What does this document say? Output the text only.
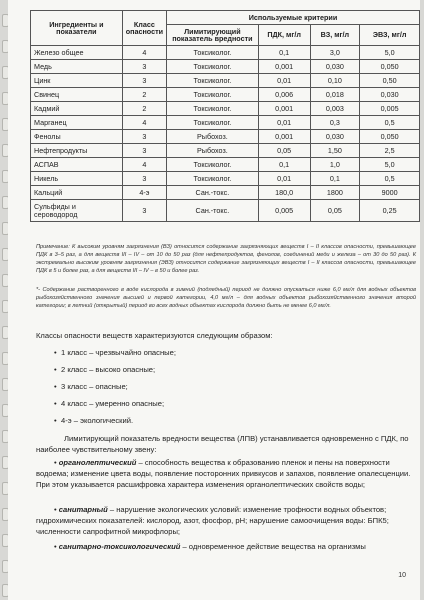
Ингредиенты и показатели	Класс опасности	Используемые критерии			
		Лимитирующий показатель вредности	ПДК, мг/л	ВЗ, мг/л	ЭВЗ, мг/л
Железо общее	4	Токсиколог.	0,1	3,0	5,0
Медь	3	Токсиколог.	0,001	0,030	0,050
Цинк	3	Токсиколог.	0,01	0,10	0,50
Свинец	2	Токсиколог.	0,006	0,018	0,030
Кадмий	2	Токсиколог.	0,001	0,003	0,005
Марганец	4	Токсиколог.	0,01	0,3	0,5
Фенолы	3	Рыбохоз.	0,001	0,030	0,050
Нефтепродукты	3	Рыбохоз.	0,05	1,50	2,5
АСПАВ	4	Токсиколог.	0,1	1,0	5,0
Никель	3	Токсиколог.	0,01	0,1	0,5
Кальций	4-э	Сан.-токс.	180,0	1800	9000
Сульфиды и сероводород	3	Сан.-токс.	0,005	0,05	0,25

Примечание: К высоким уровням загрязнения (ВЗ) относится содержание загрязняющих веществ I – II классов опасности, превышающее ПДК в 3–5 раз, а для веществ III – IV – от 10 до 50 раз (для нефтепродуктов, фенолов, соединений меди и железа – от 30 до 50 раз). К экстремально высоким уровням загрязнения (ЭВЗ) относится содержание загрязняющих веществ I – II классов опасности, превышающее ПДК в 5 и более раз, а для веществ III – IV – в 50 и более раз.

*- Содержание растворенного в воде кислорода в зимний (подледный) период не должно опускаться ниже 6,0 мг/л для водных объектов рыбохозяйственного значения высшей и первой категории, 4,0 мг/л – для водных объектов рыбохозяйственного значения второй категории; в летний (открытый) период во всех водных объектах кислорода должно быть не менее 6,0 мг/л.

Классы опасности веществ характеризуются следующим образом:

• 1 класс – чрезвычайно опасные;
• 2 класс – высоко опасные;
• 3 класс – опасные;
• 4 класс – умеренно опасные;
• 4-э – экологический.

Лимитирующий показатель вредности вещества (ЛПВ) устанавливается одновременно с ПДК, по наиболее чувствительному звену:

• органолептический – способность вещества к образованию пленок и пены на поверхности водоема; изменение цвета воды, появление посторонних привкусов и запахов, появление опалесценции. При этом указывается расшифровка характера изменения органолептических свойств воды;

• санитарный – нарушение экологических условий: изменение трофности водных объектов; гидрохимических показателей: кислород, азот, фосфор, pH; нарушение самоочищения воды: БПК5; численности сапрофитной микрофлоры;

• санитарно-токсикологический – одновременное действие вещества на организмы

10
